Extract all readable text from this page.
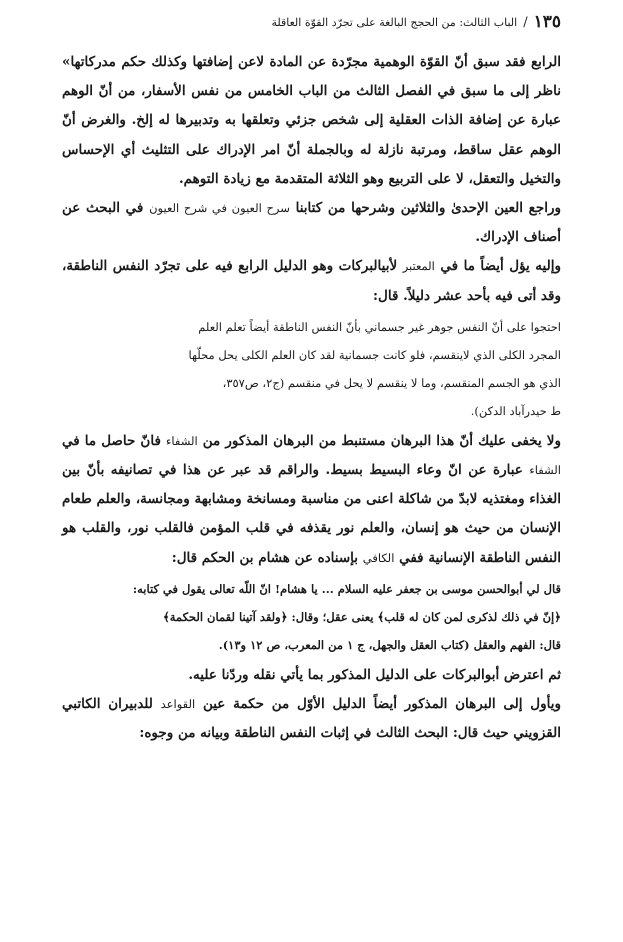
١٣٥
/
الباب الثالث: من الحجج البالغة على تجرّد القوّة العاقلة

الرابع فقد سبق أنّ القوّة الوهمية مجرّدة عن المادة لاعن إضافتها وكذلك حكم مدركاتها» ناظر إلى ما سبق في الفصل الثالث من الباب الخامس من نفس الأسفار، من أنّ الوهم عبارة عن إضافة الذات العقلية إلى شخص جزئي وتعلقها به وتدبيرها له إلخ. والغرض أنّ الوهم عقل ساقط، ومرتبة نازلة له وبالجملة أنّ امر الإدراك على التثليث أي الإحساس والتخيل والتعقل، لا على التربيع وهو الثلاثة المتقدمة مع زيادة التوهم.

وراجع العين الإحدىٰ والثلاثين وشرحها من كتابنا سرح العيون في شرح العيون في البحث عن أصناف الإدراك.

وإليه يؤل أيضاً ما في المعتبر لأبيالبركات وهو الدليل الرابع فيه على تجرّد النفس الناطقة، وقد أتى فيه بأحد عشر دليلاً. قال:

احتجوا على أنّ النفس جوهر غير جسماني بأنّ النفس الناطقة أيضاً تعلم العلم
المجرد الكلى الذي لاينقسم، فلو كانت جسمانية لقد كان العلم الكلى يحل محلّها
الذي هو الجسم المنقسم، وما لا ينقسم لا يحل في منقسم (ج٢، ص٣٥٧،
ط حيدرآباد الدكن).

ولا يخفى عليك أنّ هذا البرهان مستنبط من البرهان المذكور من الشفاء فانّ حاصل ما في الشفاء عبارة عن انّ وعاء البسيط بسيط. والراقم قد عبر عن هذا في تصانيفه بأنّ بين الغذاء ومغتذيه لابدّ من شاكلة اعنى من مناسبة ومسانخة ومشابهة ومجانسة، والعلم طعام الإنسان من حيث هو إنسان، والعلم نور يقذفه في قلب المؤمن فالقلب نور، والقلب هو النفس الناطقة الإنسانية ففي الكافي بإسناده عن هشام بن الحكم قال:

قال لي أبوالحسن موسى بن جعفر عليه السلام ... يا هشام! انّ اللّه تعالى يقول في كتابه:
﴿إنّ في ذلك لذكرى لمن كان له قلب﴾ يعنى عقل؛ وقال: ﴿ولقد آتينا لقمان الحكمة﴾
قال: الفهم والعقل (كتاب العقل والجهل، ج ١ من المعرب، ص ١٢ و١٣).

ثم اعترض أبوالبركات على الدليل المذكور بما يأتي نقله وردّنا عليه.

ويأول إلى البرهان المذكور أيضاً الدليل الأوّل من حكمة عين القواعد للدبيران الكاتبي القزويني حيث قال: البحث الثالث في إثبات النفس الناطقة وبيانه من وجوه:
